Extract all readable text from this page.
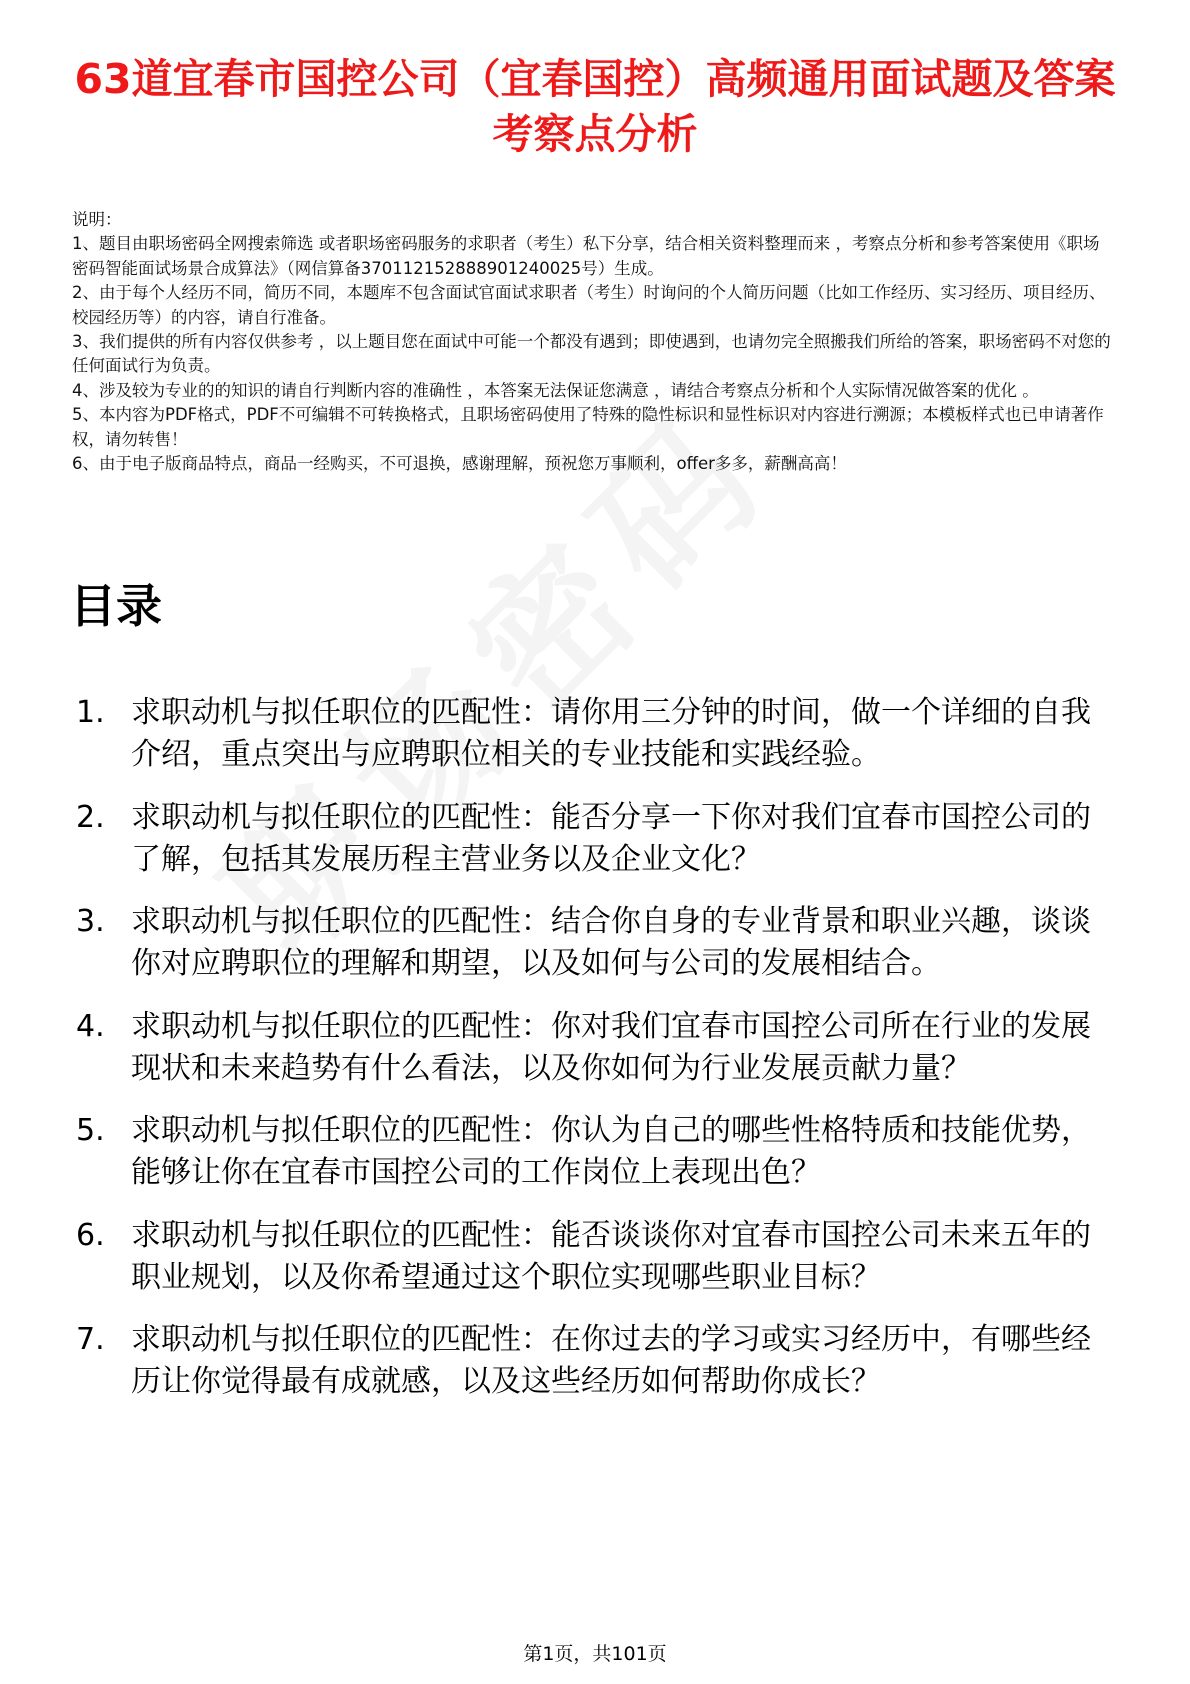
63道宜春市国控公司（宜春国控）高频通用面试题及答案考察点分析

说明：

1、题目由职场密码全网搜索筛选 或者职场密码服务的求职者（考生）私下分享，结合相关资料整理而来 ，考察点分析和参考答案使用《职场密码智能面试场景合成算法》（网信算备370112152888901240025号）生成。

2、由于每个人经历不同，简历不同，本题库不包含面试官面试求职者（考生）时询问的个人简历问题（比如工作经历、实习经历、项目经历、校园经历等）的内容，请自行准备。

3、我们提供的所有内容仅供参考 ，以上题目您在面试中可能一个都没有遇到；即使遇到，也请勿完全照搬我们所给的答案，职场密码不对您的任何面试行为负责。

4、涉及较为专业的的知识的请自行判断内容的准确性 ，本答案无法保证您满意 ，请结合考察点分析和个人实际情况做答案的优化 。

5、本内容为PDF格式，PDF不可编辑不可转换格式，且职场密码使用了特殊的隐性标识和显性标识对内容进行溯源；本模板样式也已申请著作权，请勿转售！

6、由于电子版商品特点，商品一经购买，不可退换，感谢理解，预祝您万事顺利，offer多多，薪酬高高！

目录
1. 求职动机与拟任职位的匹配性：请你用三分钟的时间，做一个详细的自我介绍，重点突出与应聘职位相关的专业技能和实践经验。
2. 求职动机与拟任职位的匹配性：能否分享一下你对我们宜春市国控公司的了解，包括其发展历程主营业务以及企业文化？
3. 求职动机与拟任职位的匹配性：结合你自身的专业背景和职业兴趣，谈谈你对应聘职位的理解和期望，以及如何与公司的发展相结合。
4. 求职动机与拟任职位的匹配性：你对我们宜春市国控公司所在行业的发展现状和未来趋势有什么看法，以及你如何为行业发展贡献力量？
5. 求职动机与拟任职位的匹配性：你认为自己的哪些性格特质和技能优势，能够让你在宜春市国控公司的工作岗位上表现出色？
6. 求职动机与拟任职位的匹配性：能否谈谈你对宜春市国控公司未来五年的职业规划，以及你希望通过这个职位实现哪些职业目标？
7. 求职动机与拟任职位的匹配性：在你过去的学习或实习经历中，有哪些经历让你觉得最有成就感，以及这些经历如何帮助你成长？
第1页，共101页
